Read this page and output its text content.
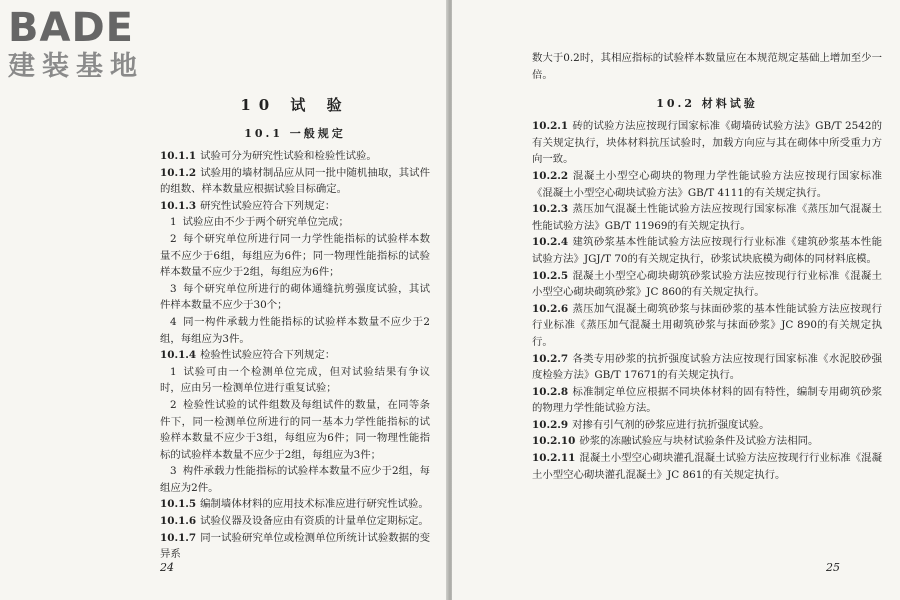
10 试 验
10.1 一般规定

10.1.1 试验可分为研究性试验和检验性试验。

10.1.2 试验用的墙材制品应从同一批中随机抽取，其试件的组数、样本数量应根据试验目标确定。

10.1.3 研究性试验应符合下列规定：

1 试验应由不少于两个研究单位完成；

2 每个研究单位所进行同一力学性能指标的试验样本数量不应少于6组，每组应为6件；同一物理性能指标的试验样本数量不应少于2组，每组应为6件；

3 每个研究单位所进行的砌体通缝抗剪强度试验，其试件样本数量不应少于30个；

4 同一构件承载力性能指标的试验样本数量不应少于2组，每组应为3件。

10.1.4 检验性试验应符合下列规定：

1 试验可由一个检测单位完成，但对试验结果有争议时，应由另一检测单位进行重复试验；

2 检验性试验的试件组数及每组试件的数量，在同等条件下，同一检测单位所进行的同一基本力学性能指标的试验样本数量不应少于3组，每组应为6件；同一物理性能指标的试验样本数量不应少于2组，每组应为3件；

3 构件承载力性能指标的试验样本数量不应少于2组，每组应为2件。

10.1.5 编制墙体材料的应用技术标准应进行研究性试验。

10.1.6 试验仪器及设备应由有资质的计量单位定期标定。

10.1.7 同一试验研究单位或检测单位所统计试验数据的变异系

24
BADE
建装基地	数大于0.2时，其相应指标的试验样本数量应在本规范规定基础上增加至少一倍。

10.2 材料试验

10.2.1 砖的试验方法应按现行国家标准《砌墙砖试验方法》GB/T 2542的有关规定执行，块体材料抗压试验时，加载方向应与其在砌体中所受重力方向一致。

10.2.2 混凝土小型空心砌块的物理力学性能试验方法应按现行国家标准《混凝土小型空心砌块试验方法》GB/T 4111的有关规定执行。

10.2.3 蒸压加气混凝土性能试验方法应按现行国家标准《蒸压加气混凝土性能试验方法》GB/T 11969的有关规定执行。

10.2.4 建筑砂浆基本性能试验方法应按现行行业标准《建筑砂浆基本性能试验方法》JGJ/T 70的有关规定执行，砂浆试块底模为砌体的同材料底模。

10.2.5 混凝土小型空心砌块砌筑砂浆试验方法应按现行行业标准《混凝土小型空心砌块砌筑砂浆》JC 860的有关规定执行。

10.2.6 蒸压加气混凝土砌筑砂浆与抹面砂浆的基本性能试验方法应按现行行业标准《蒸压加气混凝土用砌筑砂浆与抹面砂浆》JC 890的有关规定执行。

10.2.7 各类专用砂浆的抗折强度试验方法应按现行国家标准《水泥胶砂强度检验方法》GB/T 17671的有关规定执行。

10.2.8 标准制定单位应根据不同块体材料的固有特性，编制专用砌筑砂浆的物理力学性能试验方法。

10.2.9 对掺有引气剂的砂浆应进行抗折强度试验。

10.2.10 砂浆的冻融试验应与块材试验条件及试验方法相同。

10.2.11 混凝土小型空心砌块灌孔混凝土试验方法应按现行行业标准《混凝土小型空心砌块灌孔混凝土》JC 861的有关规定执行。

25
